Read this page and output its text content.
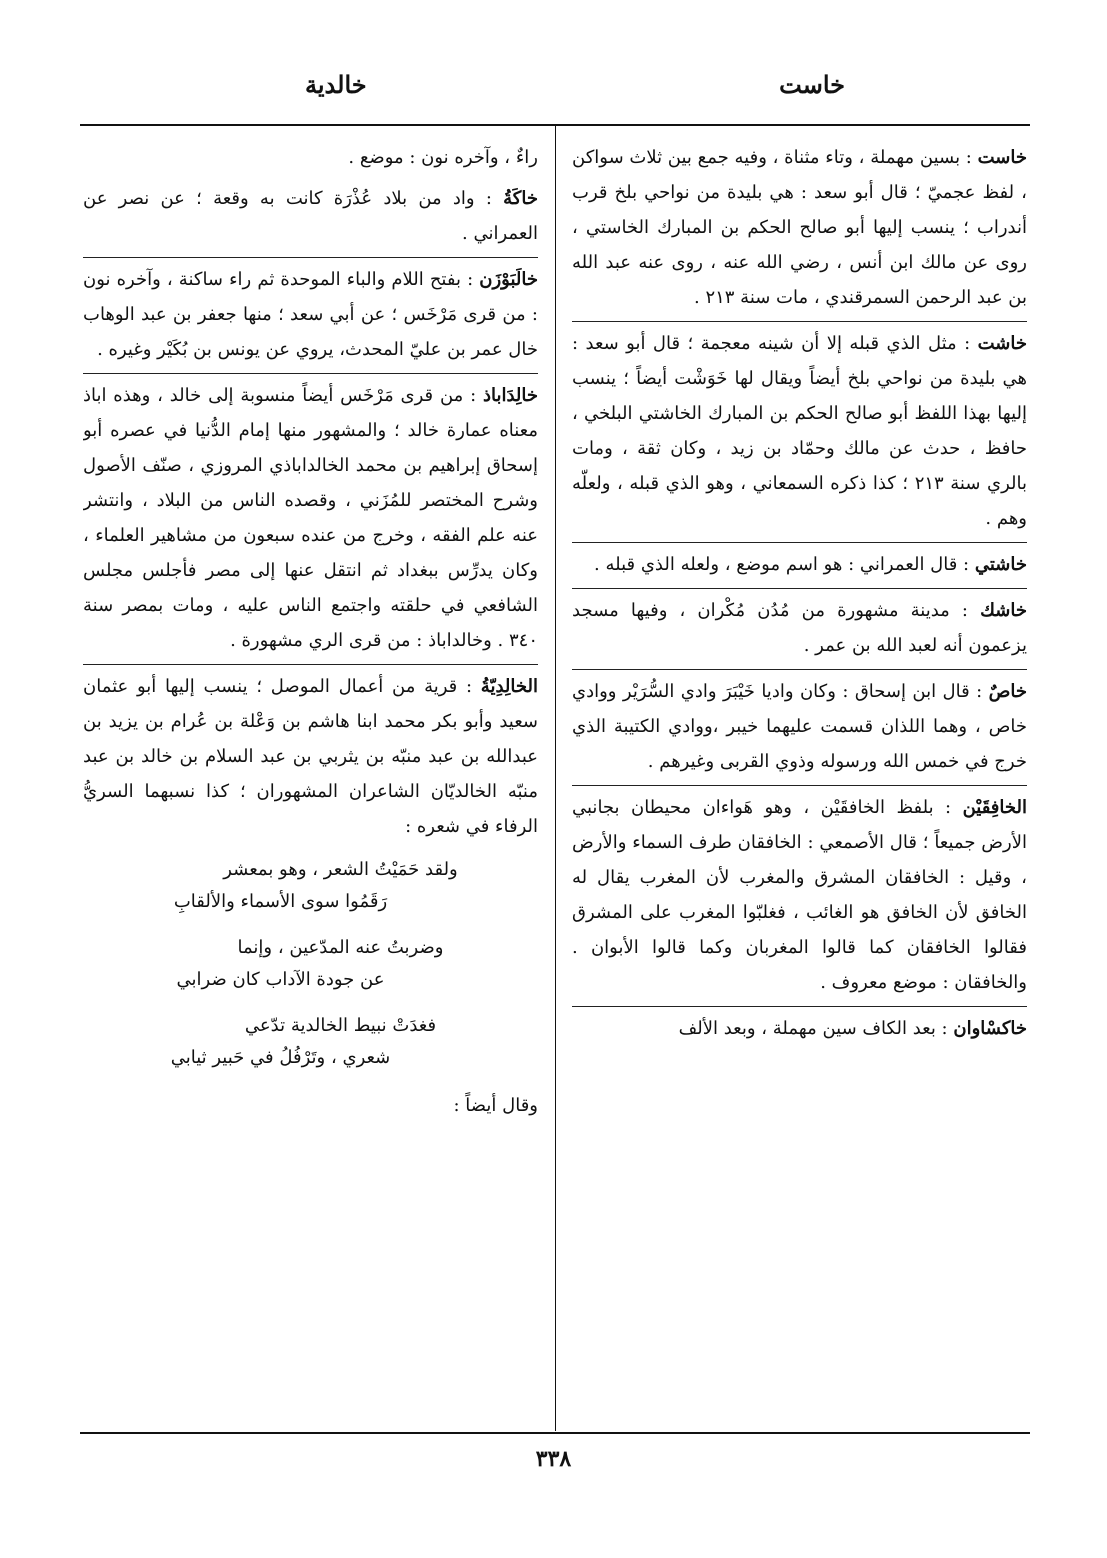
خاست
خالدية

خاست : بسين مهملة ، وتاء مثناة ، وفيه جمع بين ثلاث سواكن ، لفظ عجميّ ؛ قال أبو سعد : هي بليدة من نواحي بلخ قرب أندراب ؛ ينسب إليها أبو صالح الحكم بن المبارك الخاستي ، روى عن مالك ابن أنس ، رضي الله عنه ، روى عنه عبد الله بن عبد الرحمن السمرقندي ، مات سنة ٢١٣ .

خاشت : مثل الذي قبله إلا أن شينه معجمة ؛ قال أبو سعد : هي بليدة من نواحي بلخ أيضاً ويقال لها خَوَشْت أيضاً ؛ ينسب إليها بهذا اللفظ أبو صالح الحكم بن المبارك الخاشتي البلخي ، حافظ ، حدث عن مالك وحمّاد بن زيد ، وكان ثقة ، ومات بالري سنة ٢١٣ ؛ كذا ذكره السمعاني ، وهو الذي قبله ، ولعلّه وهم .

خاشتي : قال العمراني : هو اسم موضع ، ولعله الذي قبله .

خاشك : مدينة مشهورة من مُدُن مُكْران ، وفيها مسجد يزعمون أنه لعبد الله بن عمر .

خاصٌ : قال ابن إسحاق : وكان واديا خَيْبَرَ وادي السُّرَيْر ووادي خاص ، وهما اللذان قسمت عليهما خيبر ،ووادي الكتيبة الذي خرج في خمس الله ورسوله وذوي القربى وغيرهم .

الخافِقَيْن : بلفظ الخافقَيْن ، وهو هَواءان محيطان بجانبي الأرض جميعاً ؛ قال الأصمعي : الخافقان طرف السماء والأرض ، وقيل : الخافقان المشرق والمغرب لأن المغرب يقال له الخافق لأن الخافق هو الغائب ، فغلبّوا المغرب على المشرق فقالوا الخافقان كما قالوا المغربان وكما قالوا الأبوان . والخافقان : موضع معروف .

خاكسْاوان : بعد الكاف سين مهملة ، وبعد الألف

راءٌ ، وآخره نون : موضع .

خاكَةُ : واد من بلاد عُذْرَة كانت به وقعة ؛ عن نصر عن العمراني .

خالَبَوْزَن : بفتح اللام والباء الموحدة ثم راء ساكنة ، وآخره نون : من قرى مَرْخَس ؛ عن أبي سعد ؛ منها جعفر بن عبد الوهاب خال عمر بن عليّ المحدث، يروي عن يونس بن بُكَيْر وغيره .

خالِدَاباذ : من قرى مَرْخَس أيضاً منسوبة إلى خالد ، وهذه اباذ معناه عمارة خالد ؛ والمشهور منها إمام الدُّنيا في عصره أبو إسحاق إبراهيم بن محمد الخالداباذي المروزي ، صنّف الأصول وشرح المختصر للمُزَني ، وقصده الناس من البلاد ، وانتشر عنه علم الفقه ، وخرج من عنده سبعون من مشاهير العلماء ، وكان يدرِّس ببغداد ثم انتقل عنها إلى مصر فأجلس مجلس الشافعي في حلقته واجتمع الناس عليه ، ومات بمصر سنة ٣٤٠ . وخالداباذ : من قرى الري مشهورة .

الخالِدِيّةُ : قرية من أعمال الموصل ؛ ينسب إليها أبو عثمان سعيد وأبو بكر محمد ابنا هاشم بن وَعْلة بن عُرام بن يزيد بن عبدالله بن عبد منبّه بن يثربي بن عبد السلام بن خالد بن عبد منبّه الخالديّان الشاعران المشهوران ؛ كذا نسبهما السريُّ الرفاء في شعره :

ولقد حَمَيْتُ الشعر ، وهو بمعشر
رَقَمُوا سوى الأسماء والألقابِ
وضربتُ عنه المدّعين ، وإنما
عن جودة الآداب كان ضرابي
فغدَتْ نبيط الخالدية تدّعي
شعري ، وتَرْفُلُ في حَبير ثيابي

وقال أيضاً :

٣٣٨
